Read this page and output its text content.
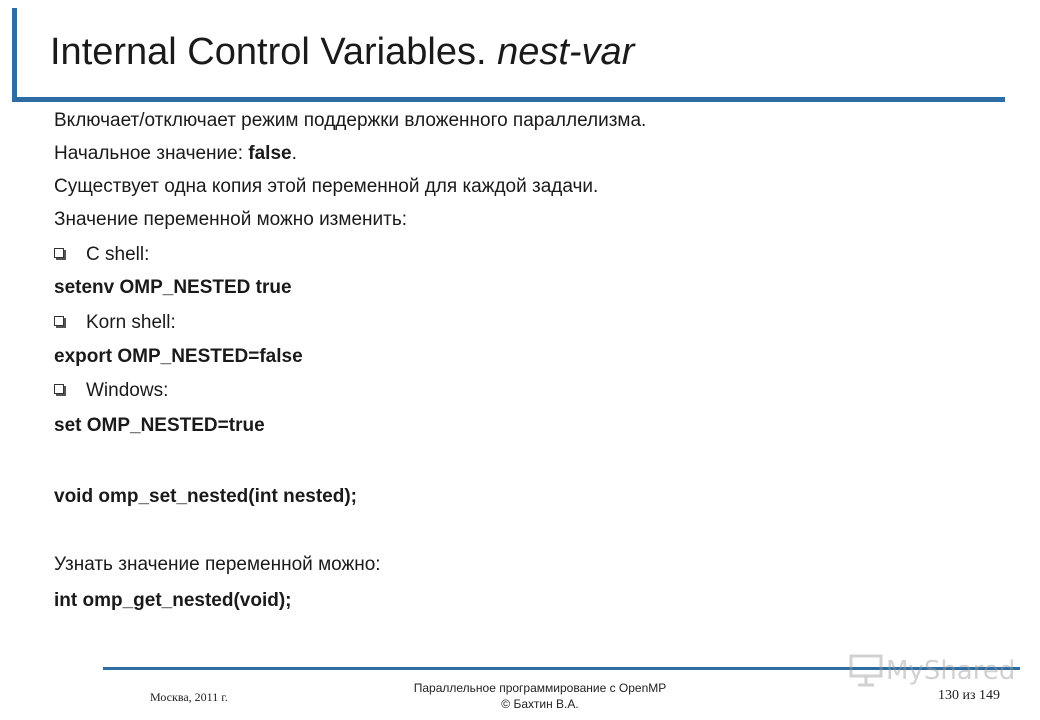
Internal Control Variables. nest-var
Включает/отключает режим поддержки вложенного параллелизма.
Начальное значение: false.
Существует одна копия этой переменной для каждой задачи.
Значение переменной можно изменить:
C shell:
setenv OMP_NESTED true
Korn shell:
export OMP_NESTED=false
Windows:
set OMP_NESTED=true
void omp_set_nested(int nested);
Узнать значение переменной можно:
int omp_get_nested(void);
Москва, 2011 г.
Параллельное программирование с OpenMP
© Бахтин В.А.
130 из 149
MyShared
